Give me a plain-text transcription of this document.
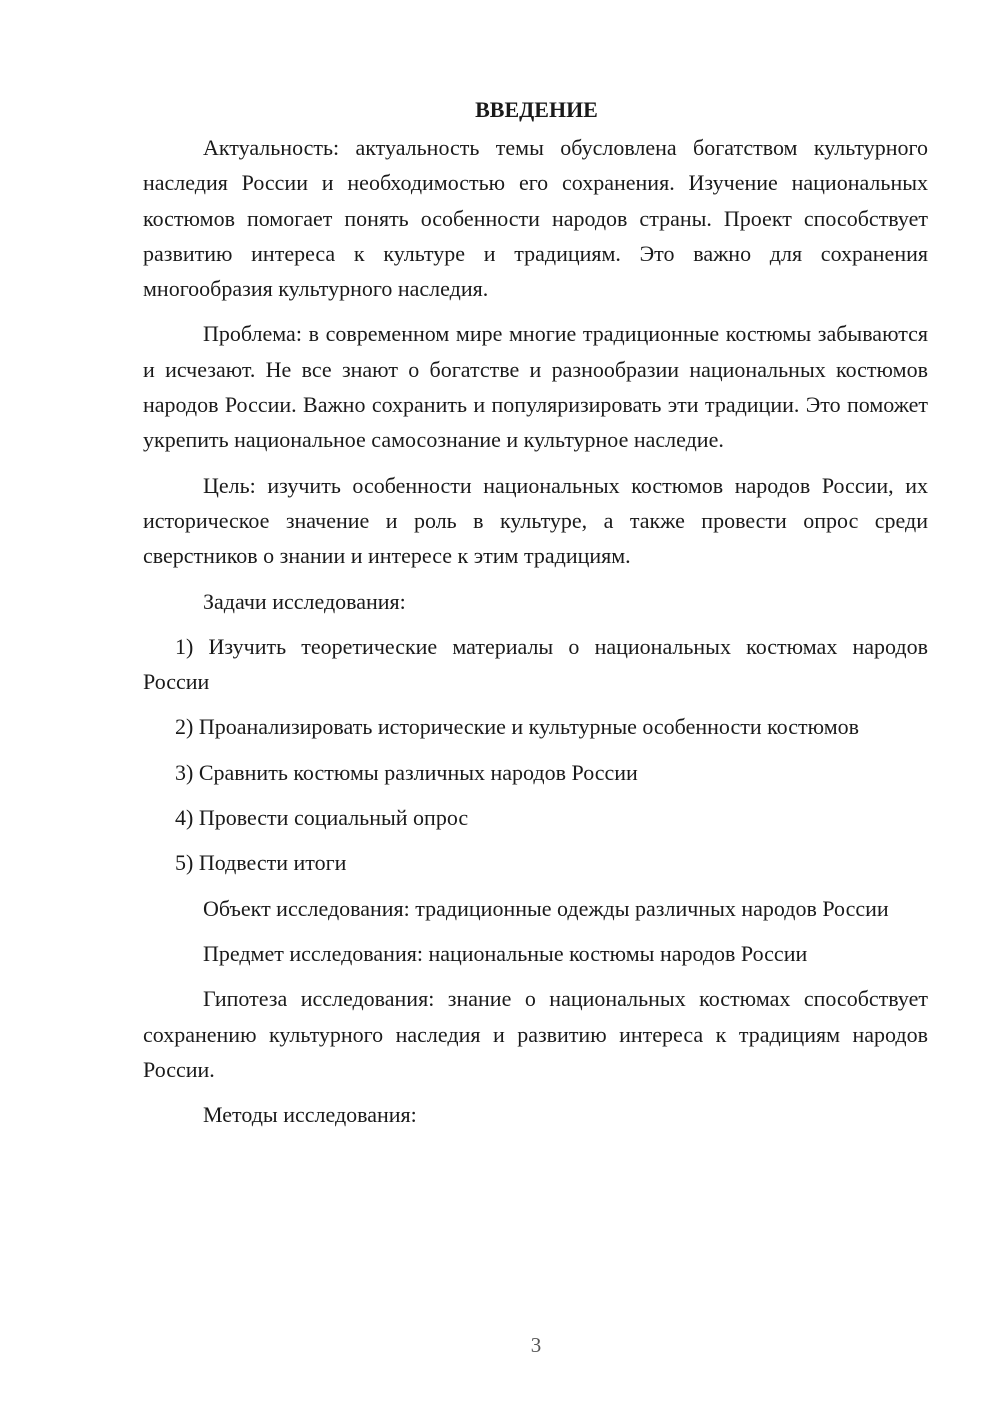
ВВЕДЕНИЕ

Актуальность: актуальность темы обусловлена богатством культурного наследия России и необходимостью его сохранения. Изучение национальных костюмов помогает понять особенности народов страны. Проект способствует развитию интереса к культуре и традициям. Это важно для сохранения многообразия культурного наследия.

Проблема: в современном мире многие традиционные костюмы забываются и исчезают. Не все знают о богатстве и разнообразии национальных костюмов народов России. Важно сохранить и популяризировать эти традиции. Это поможет укрепить национальное самосознание и культурное наследие.

Цель: изучить особенности национальных костюмов народов России, их историческое значение и роль в культуре, а также провести опрос среди сверстников о знании и интересе к этим традициям.

Задачи исследования:

1) Изучить теоретические материалы о национальных костюмах народов России

2) Проанализировать исторические и культурные особенности костюмов

3) Сравнить костюмы различных народов России

4) Провести социальный опрос

5) Подвести итоги

Объект исследования: традиционные одежды различных народов России

Предмет исследования: национальные костюмы народов России

Гипотеза исследования: знание о национальных костюмах способствует сохранению культурного наследия и развитию интереса к традициям народов России.

Методы исследования:

3
